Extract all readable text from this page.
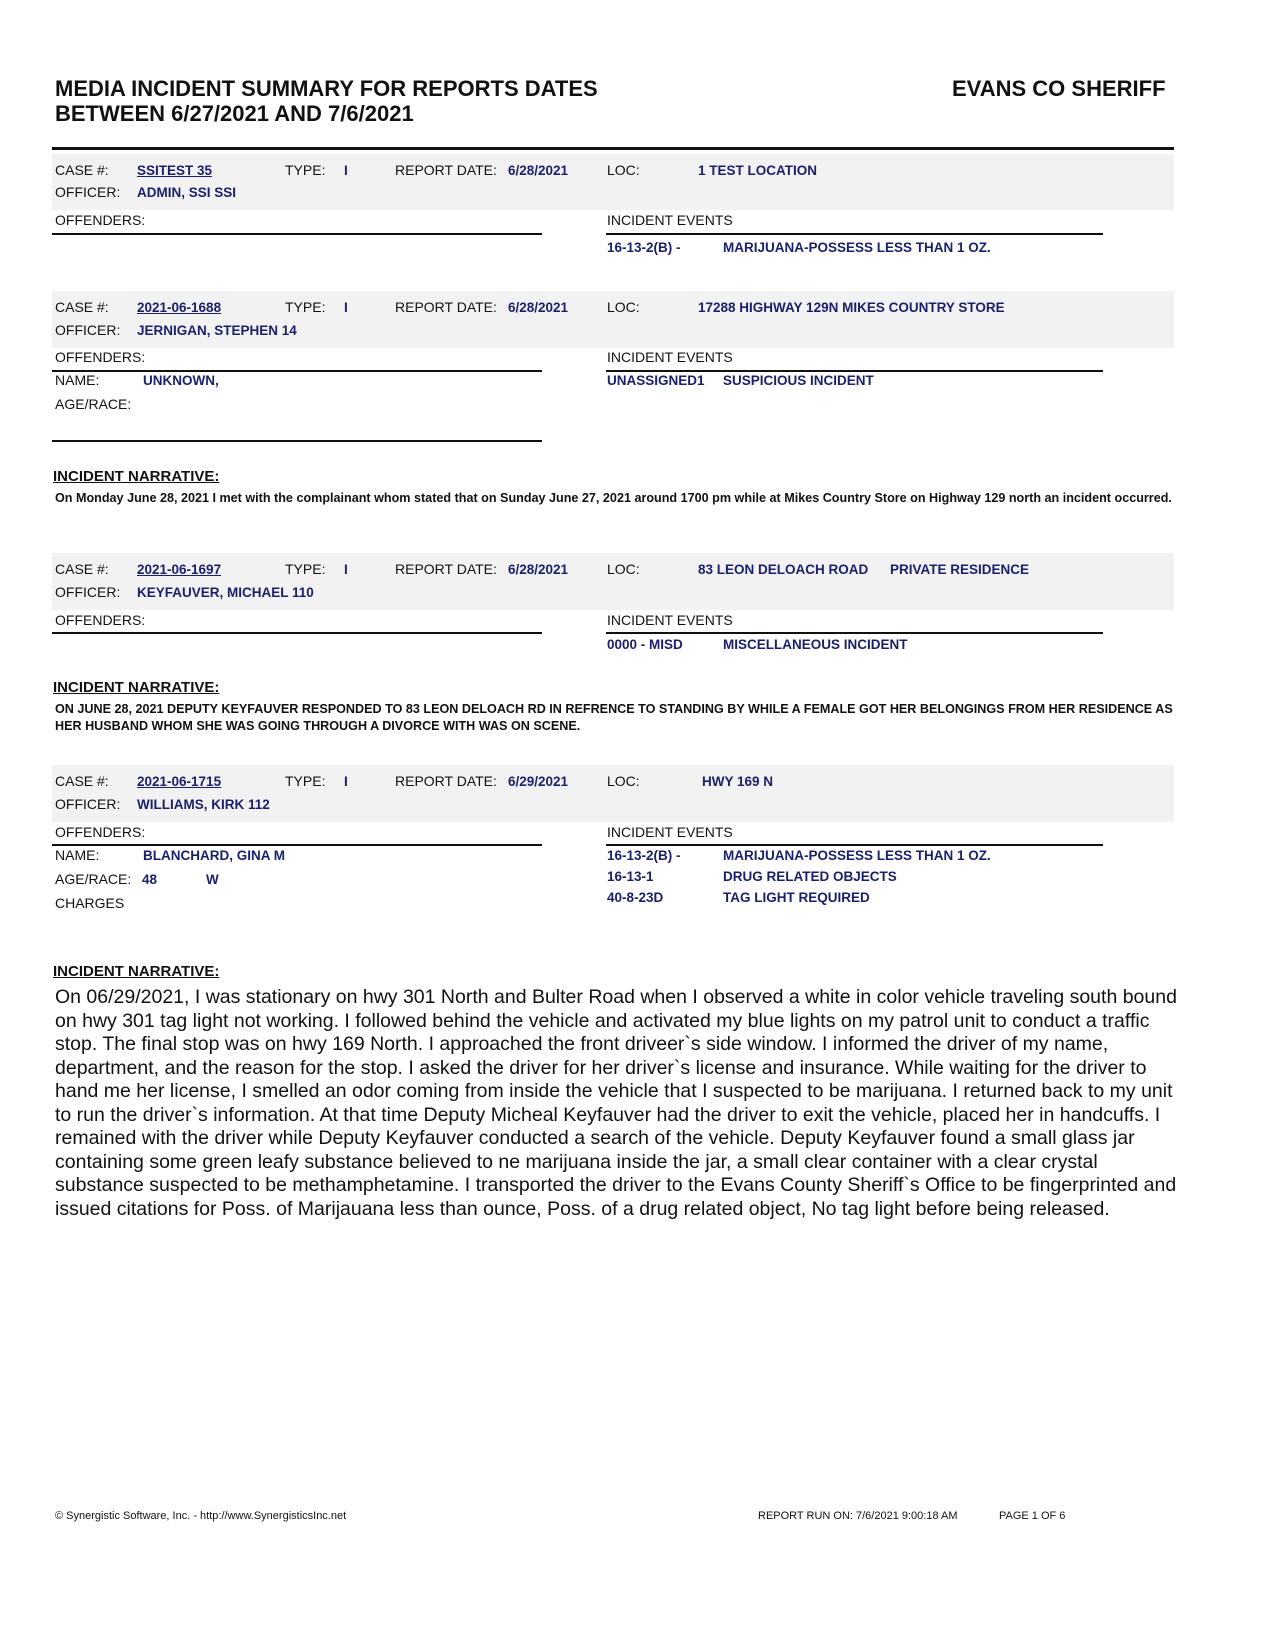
MEDIA INCIDENT SUMMARY FOR REPORTS DATES
BETWEEN 6/27/2021 AND 7/6/2021
EVANS CO SHERIFF
CASE #: SSITEST 35	TYPE: I	REPORT DATE: 6/28/2021	LOC:	1 TEST LOCATION
OFFICER: ADMIN, SSI SSI
OFFENDERS:	INCIDENT EVENTS
16-13-2(B) -	MARIJUANA-POSSESS LESS THAN 1 OZ.
CASE #: 2021-06-1688	TYPE: I	REPORT DATE: 6/28/2021	LOC:	17288 HIGHWAY 129N MIKES COUNTRY STORE
OFFICER: JERNIGAN, STEPHEN 14
OFFENDERS:
NAME:	UNKNOWN,
AGE/RACE:
INCIDENT EVENTS
UNASSIGNED1 SUSPICIOUS INCIDENT
INCIDENT NARRATIVE:
On Monday June 28, 2021 I met with the complainant whom stated that on Sunday June 27, 2021 around 1700 pm while at Mikes Country Store on Highway 129 north an incident occurred.
CASE #: 2021-06-1697	TYPE: I	REPORT DATE: 6/28/2021	LOC:	83 LEON DELOACH ROAD PRIVATE RESIDENCE
OFFICER: KEYFAUVER, MICHAEL 110
OFFENDERS:	INCIDENT EVENTS
0000 - MISD	MISCELLANEOUS INCIDENT
INCIDENT NARRATIVE:
ON JUNE 28, 2021 DEPUTY KEYFAUVER RESPONDED TO 83 LEON DELOACH RD IN REFRENCE TO STANDING BY WHILE A FEMALE GOT HER BELONGINGS FROM HER RESIDENCE AS HER HUSBAND WHOM SHE WAS GOING THROUGH A DIVORCE WITH WAS ON SCENE.
CASE #: 2021-06-1715	TYPE: I	REPORT DATE: 6/29/2021	LOC:	HWY 169 N
OFFICER: WILLIAMS, KIRK 112
OFFENDERS:
NAME:	BLANCHARD, GINA M
AGE/RACE: 48	W
CHARGES
INCIDENT EVENTS
16-13-2(B) -	MARIJUANA-POSSESS LESS THAN 1 OZ.
16-13-1	DRUG RELATED OBJECTS
40-8-23D	TAG LIGHT REQUIRED
INCIDENT NARRATIVE:
On 06/29/2021, I was stationary on hwy 301 North and Bulter Road when I observed a white in color vehicle traveling south bound on hwy 301 tag light not working. I followed behind the vehicle and activated my blue lights on my patrol unit to conduct a traffic stop. The final stop was on hwy 169 North. I approached the front driveer`s side window. I informed the driver of my name, department, and the reason for the stop. I asked the driver for her driver`s license and insurance. While waiting for the driver to hand me her license, I smelled an odor coming from inside the vehicle that I suspected to be marijuana. I returned back to my unit to run the driver`s information. At that time Deputy Micheal Keyfauver had the driver to exit the vehicle, placed her in handcuffs. I remained with the driver while Deputy Keyfauver conducted a search of the vehicle. Deputy Keyfauver found a small glass jar containing some green leafy substance believed to ne marijuana inside the jar, a small clear container with a clear crystal substance suspected to be methamphetamine. I transported the driver to the Evans County Sheriff`s Office to be fingerprinted and issued citations for Poss. of Marijauana less than ounce, Poss. of a drug related object, No tag light before being released.
© Synergistic Software, Inc. - http://www.SynergisticsInc.net	REPORT RUN ON: 7/6/2021 9:00:18 AM	PAGE 1 OF 6
